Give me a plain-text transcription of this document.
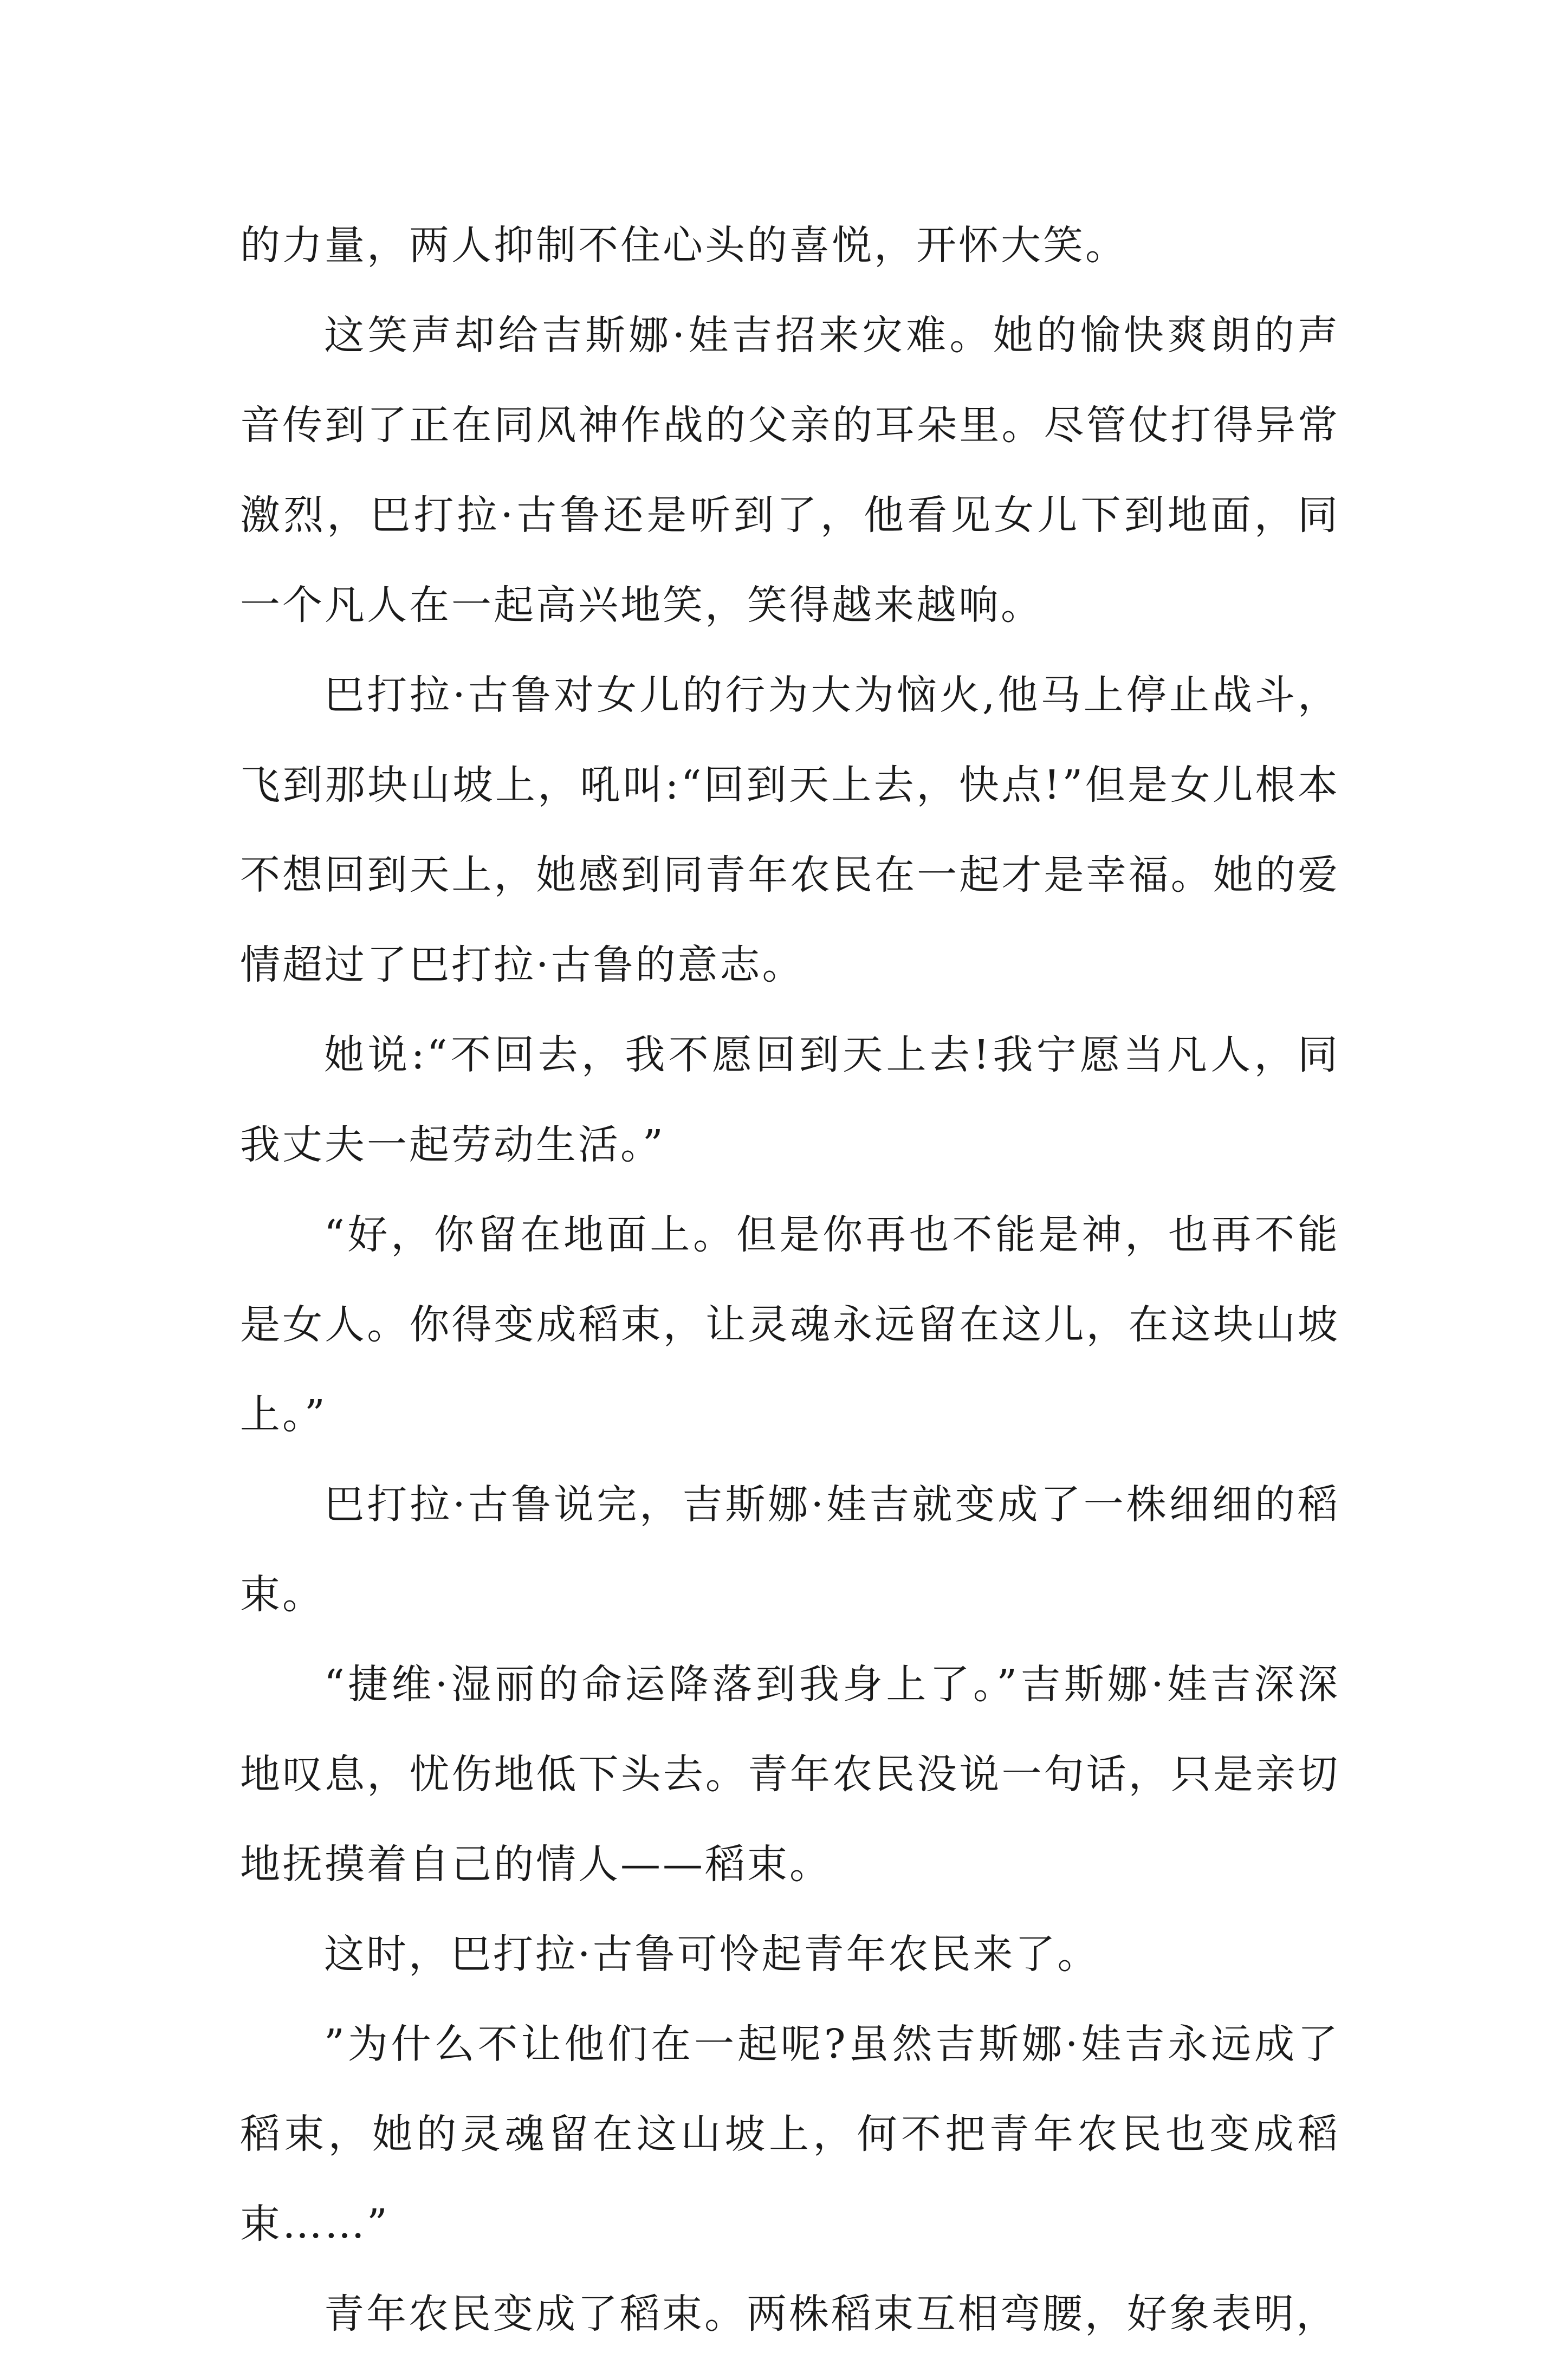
的力量，两人抑制不住心头的喜悦，开怀大笑。

这笑声却给吉斯娜·娃吉招来灾难。她的愉快爽朗的声音传到了正在同风神作战的父亲的耳朵里。尽管仗打得异常激烈，巴打拉·古鲁还是听到了，他看见女儿下到地面，同一个凡人在一起高兴地笑，笑得越来越响。

巴打拉·古鲁对女儿的行为大为恼火,他马上停止战斗，飞到那块山坡上，吼叫:“回到天上去，快点!”但是女儿根本不想回到天上，她感到同青年农民在一起才是幸福。她的爱情超过了巴打拉·古鲁的意志。

她说:“不回去，我不愿回到天上去!我宁愿当凡人，同我丈夫一起劳动生活。”

“好，你留在地面上。但是你再也不能是神，也再不能是女人。你得变成稻束，让灵魂永远留在这儿，在这块山坡上。”

巴打拉·古鲁说完，吉斯娜·娃吉就变成了一株细细的稻束。

“捷维·湿丽的命运降落到我身上了。”吉斯娜·娃吉深深地叹息，忧伤地低下头去。青年农民没说一句话，只是亲切地抚摸着自己的情人——稻束。

这时，巴打拉·古鲁可怜起青年农民来了。

”为什么不让他们在一起呢?虽然吉斯娜·娃吉永远成了稻束，她的灵魂留在这山坡上，何不把青年农民也变成稻束……”

青年农民变成了稻束。两株稻束互相弯腰，好象表明，
